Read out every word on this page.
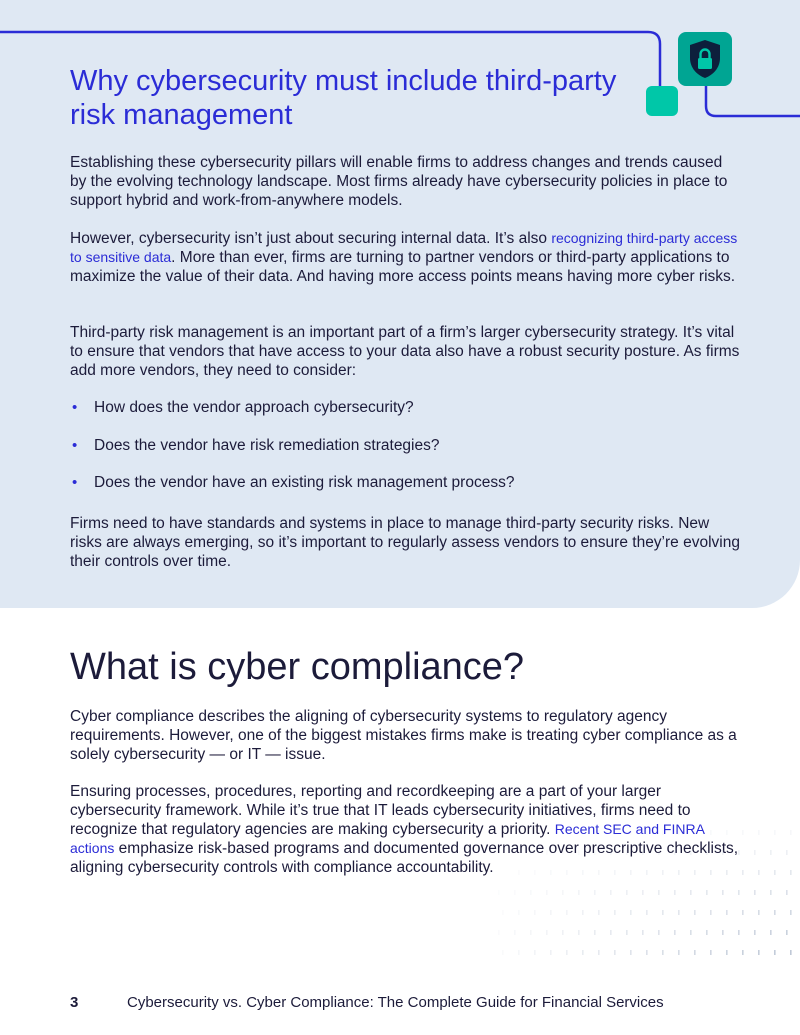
Why cybersecurity must include third-party risk management

Establishing these cybersecurity pillars will enable firms to address changes and trends caused by the evolving technology landscape. Most firms already have cybersecurity policies in place to support hybrid and work-from-anywhere models.

However, cybersecurity isn’t just about securing internal data. It’s also recognizing third-party access to sensitive data. More than ever, firms are turning to partner vendors or third-party applications to maximize the value of their data. And having more access points means having more cyber risks.

Third-party risk management is an important part of a firm’s larger cybersecurity strategy. It’s vital to ensure that vendors that have access to your data also have a robust security posture. As firms add more vendors, they need to consider:

• How does the vendor approach cybersecurity?
• Does the vendor have risk remediation strategies?
• Does the vendor have an existing risk management process?

Firms need to have standards and systems in place to manage third-party security risks. New risks are always emerging, so it’s important to regularly assess vendors to ensure they’re evolving their controls over time.

What is cyber compliance?

Cyber compliance describes the aligning of cybersecurity systems to regulatory agency requirements. However, one of the biggest mistakes firms make is treating cyber compliance as a solely cybersecurity — or IT — issue.

Ensuring processes, procedures, reporting and recordkeeping are a part of your larger cybersecurity framework. While it’s true that IT leads cybersecurity initiatives, firms need to recognize that regulatory agencies are making cybersecurity a priority. Recent SEC and FINRA actions emphasize risk-based programs and documented governance over prescriptive checklists, aligning cybersecurity controls with compliance accountability.

3	Cybersecurity vs. Cyber Compliance: The Complete Guide for Financial Services
